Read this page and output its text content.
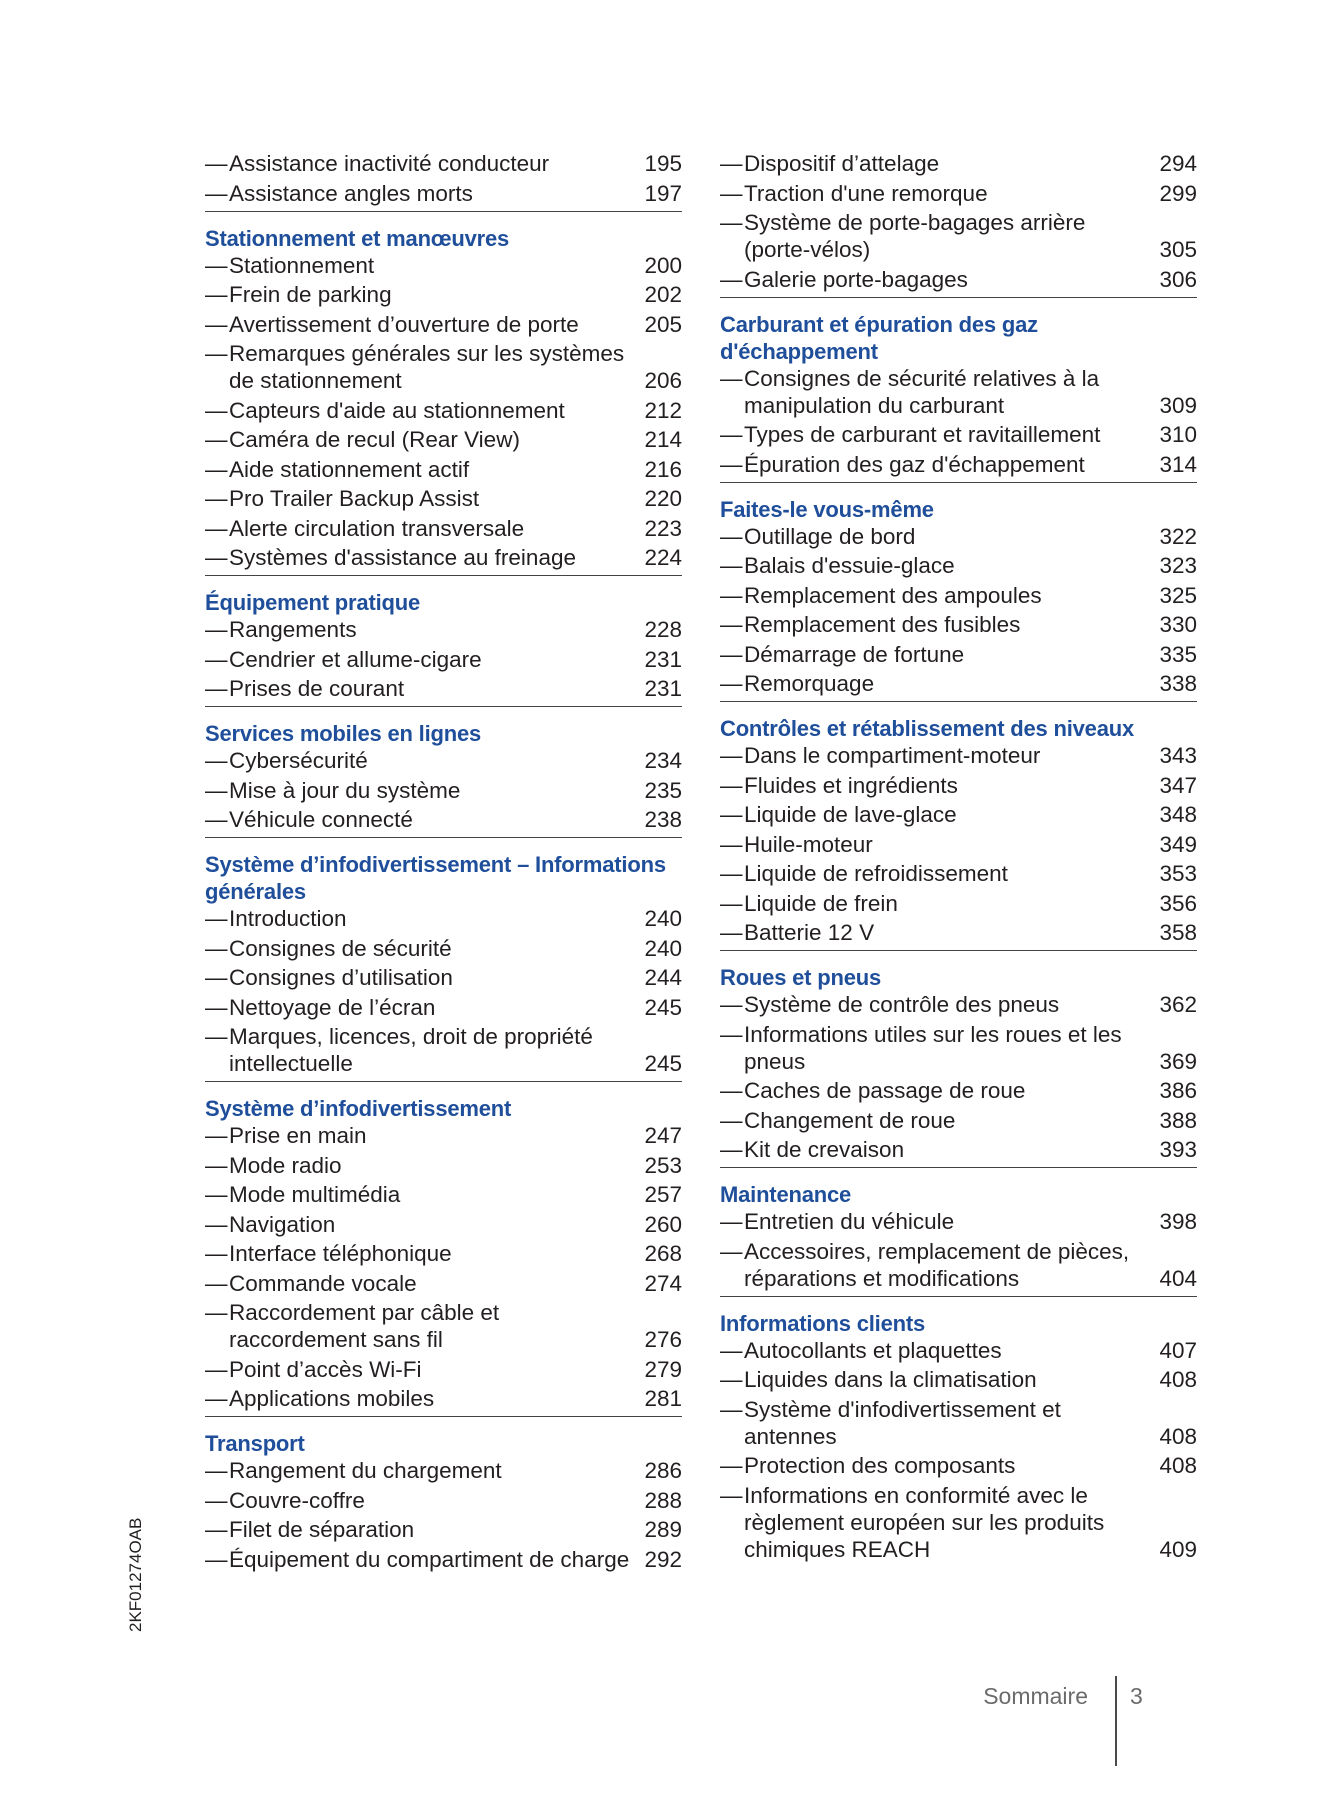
— Assistance inactivité conducteur	195
— Assistance angles morts	197
Stationnement et manœuvres
— Stationnement	200
— Frein de parking	202
— Avertissement d’ouverture de porte	205
— Remarques générales sur les systèmes de stationnement	206
— Capteurs d'aide au stationnement	212
— Caméra de recul (Rear View)	214
— Aide stationnement actif	216
— Pro Trailer Backup Assist	220
— Alerte circulation transversale	223
— Systèmes d'assistance au freinage	224
Équipement pratique
— Rangements	228
— Cendrier et allume-cigare	231
— Prises de courant	231
Services mobiles en lignes
— Cybersécurité	234
— Mise à jour du système	235
— Véhicule connecté	238
Système d’infodivertissement – Informations générales
— Introduction	240
— Consignes de sécurité	240
— Consignes d’utilisation	244
— Nettoyage de l’écran	245
— Marques, licences, droit de propriété intellectuelle	245
Système d’infodivertissement
— Prise en main	247
— Mode radio	253
— Mode multimédia	257
— Navigation	260
— Interface téléphonique	268
— Commande vocale	274
— Raccordement par câble et raccordement sans fil	276
— Point d’accès Wi-Fi	279
— Applications mobiles	281
Transport
— Rangement du chargement	286
— Couvre-coffre	288
— Filet de séparation	289
— Équipement du compartiment de charge 292
— Dispositif d’attelage	294
— Traction d'une remorque	299
— Système de porte-bagages arrière (porte-vélos)	305
— Galerie porte-bagages	306
Carburant et épuration des gaz d'échappement
— Consignes de sécurité relatives à la manipulation du carburant	309
— Types de carburant et ravitaillement	310
— Épuration des gaz d'échappement	314
Faites-le vous-même
— Outillage de bord	322
— Balais d'essuie-glace	323
— Remplacement des ampoules	325
— Remplacement des fusibles	330
— Démarrage de fortune	335
— Remorquage	338
Contrôles et rétablissement des niveaux
— Dans le compartiment-moteur	343
— Fluides et ingrédients	347
— Liquide de lave-glace	348
— Huile-moteur	349
— Liquide de refroidissement	353
— Liquide de frein	356
— Batterie 12 V	358
Roues et pneus
— Système de contrôle des pneus	362
— Informations utiles sur les roues et les pneus	369
— Caches de passage de roue	386
— Changement de roue	388
— Kit de crevaison	393
Maintenance
— Entretien du véhicule	398
— Accessoires, remplacement de pièces, réparations et modifications	404
Informations clients
— Autocollants et plaquettes	407
— Liquides dans la climatisation	408
— Système d'infodivertissement et antennes	408
— Protection des composants	408
— Informations en conformité avec le règlement européen sur les produits chimiques REACH	409
2KF01274OAB
Sommaire 3
